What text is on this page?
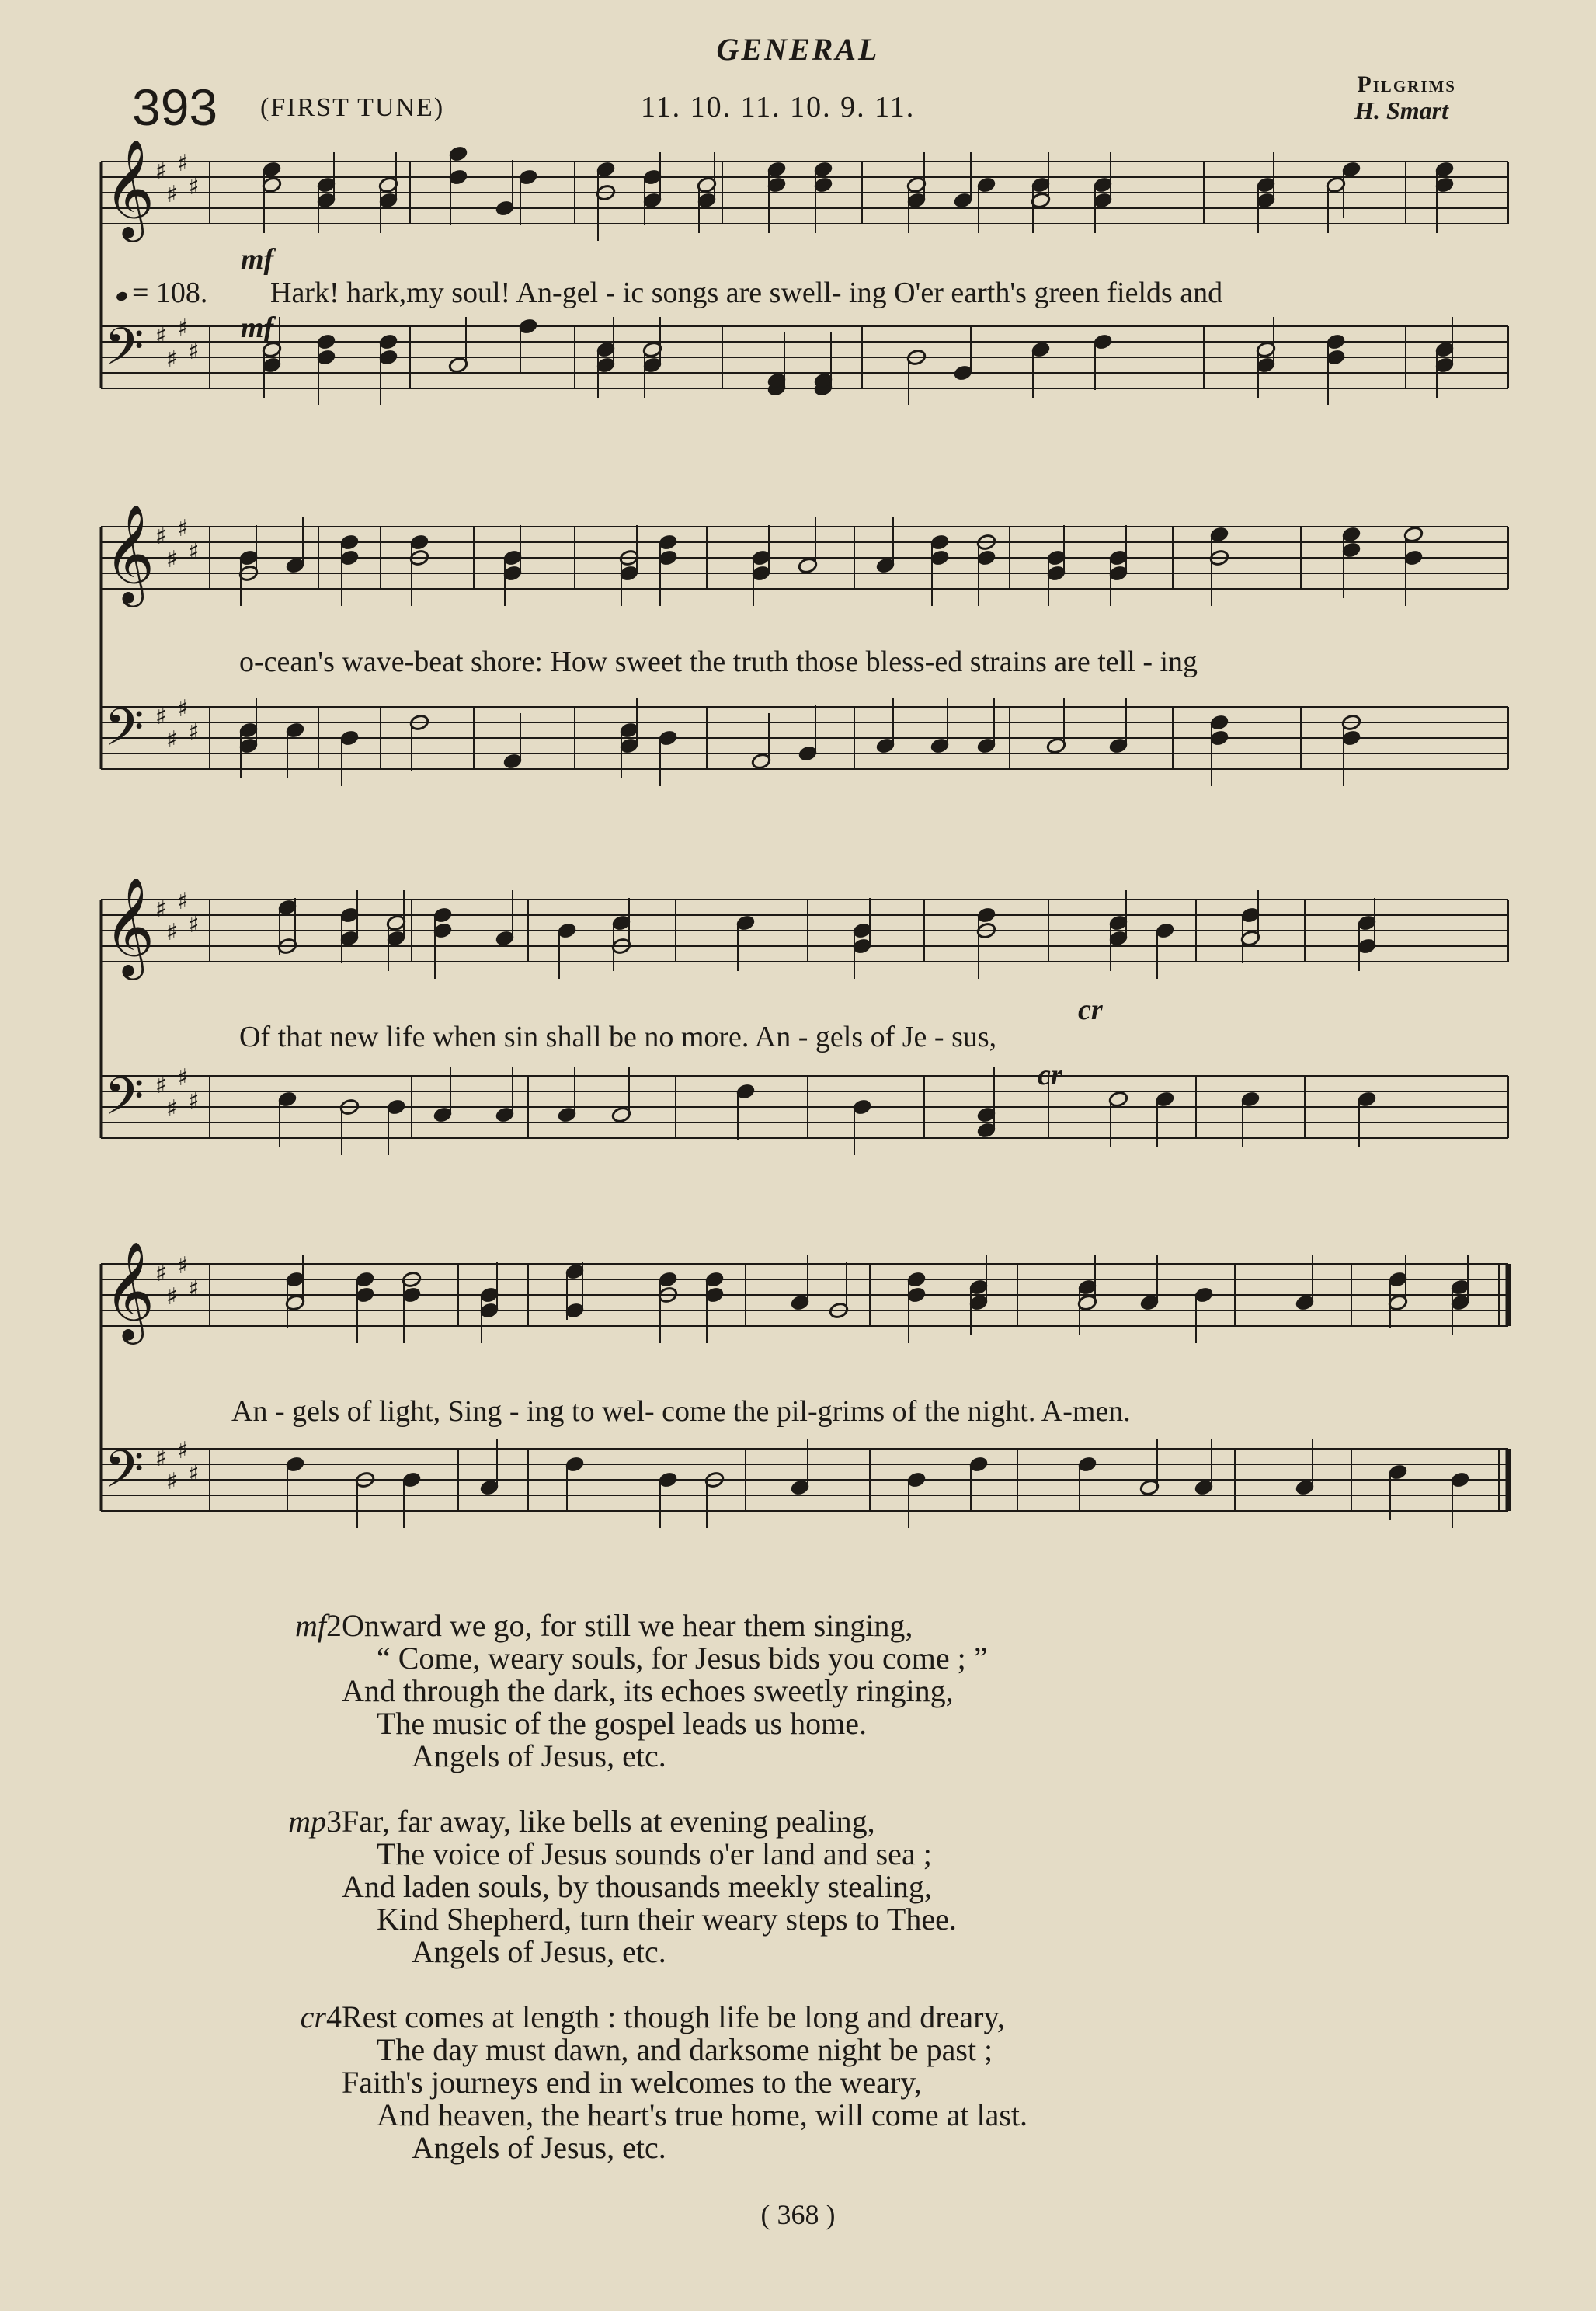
GENERAL
393 (FIRST TUNE)	11. 10. 11. 10. 9. 11.
Pilgrims
H. Smart
𝄞 ♯
♯
♯
♯
𝄢 ♯
♯
♯
♯
mf
= 108. Hark! hark,my soul! An-gel - ic songs are swell- ing O'er earth's green fields and
mf
𝄞 ♯
♯
♯
♯
𝄢 ♯
♯
♯
♯
o-cean's wave-beat shore: How sweet the truth those bless-ed strains are tell - ing
𝄞 ♯
♯
♯
♯
𝄢 ♯
♯
♯
♯
cr
Of that new life when sin shall be no more. An - gels of Je - sus,
cr
𝄞 ♯
♯
♯
♯
𝄢 ♯
♯
♯
♯
An - gels of light, Sing - ing to wel- come the pil-grims of the night. A-men.
mf 2 Onward we go, for still we hear them singing,
“ Come, weary souls, for Jesus bids you come ; ”
And through the dark, its echoes sweetly ringing,
The music of the gospel leads us home.
Angels of Jesus, etc.
mp 3 Far, far away, like bells at evening pealing,
The voice of Jesus sounds o'er land and sea ;
And laden souls, by thousands meekly stealing,
Kind Shepherd, turn their weary steps to Thee.
Angels of Jesus, etc.
cr 4 Rest comes at length : though life be long and dreary,
The day must dawn, and darksome night be past ;
Faith's journeys end in welcomes to the weary,
And heaven, the heart's true home, will come at last.
Angels of Jesus, etc.
( 368 )
